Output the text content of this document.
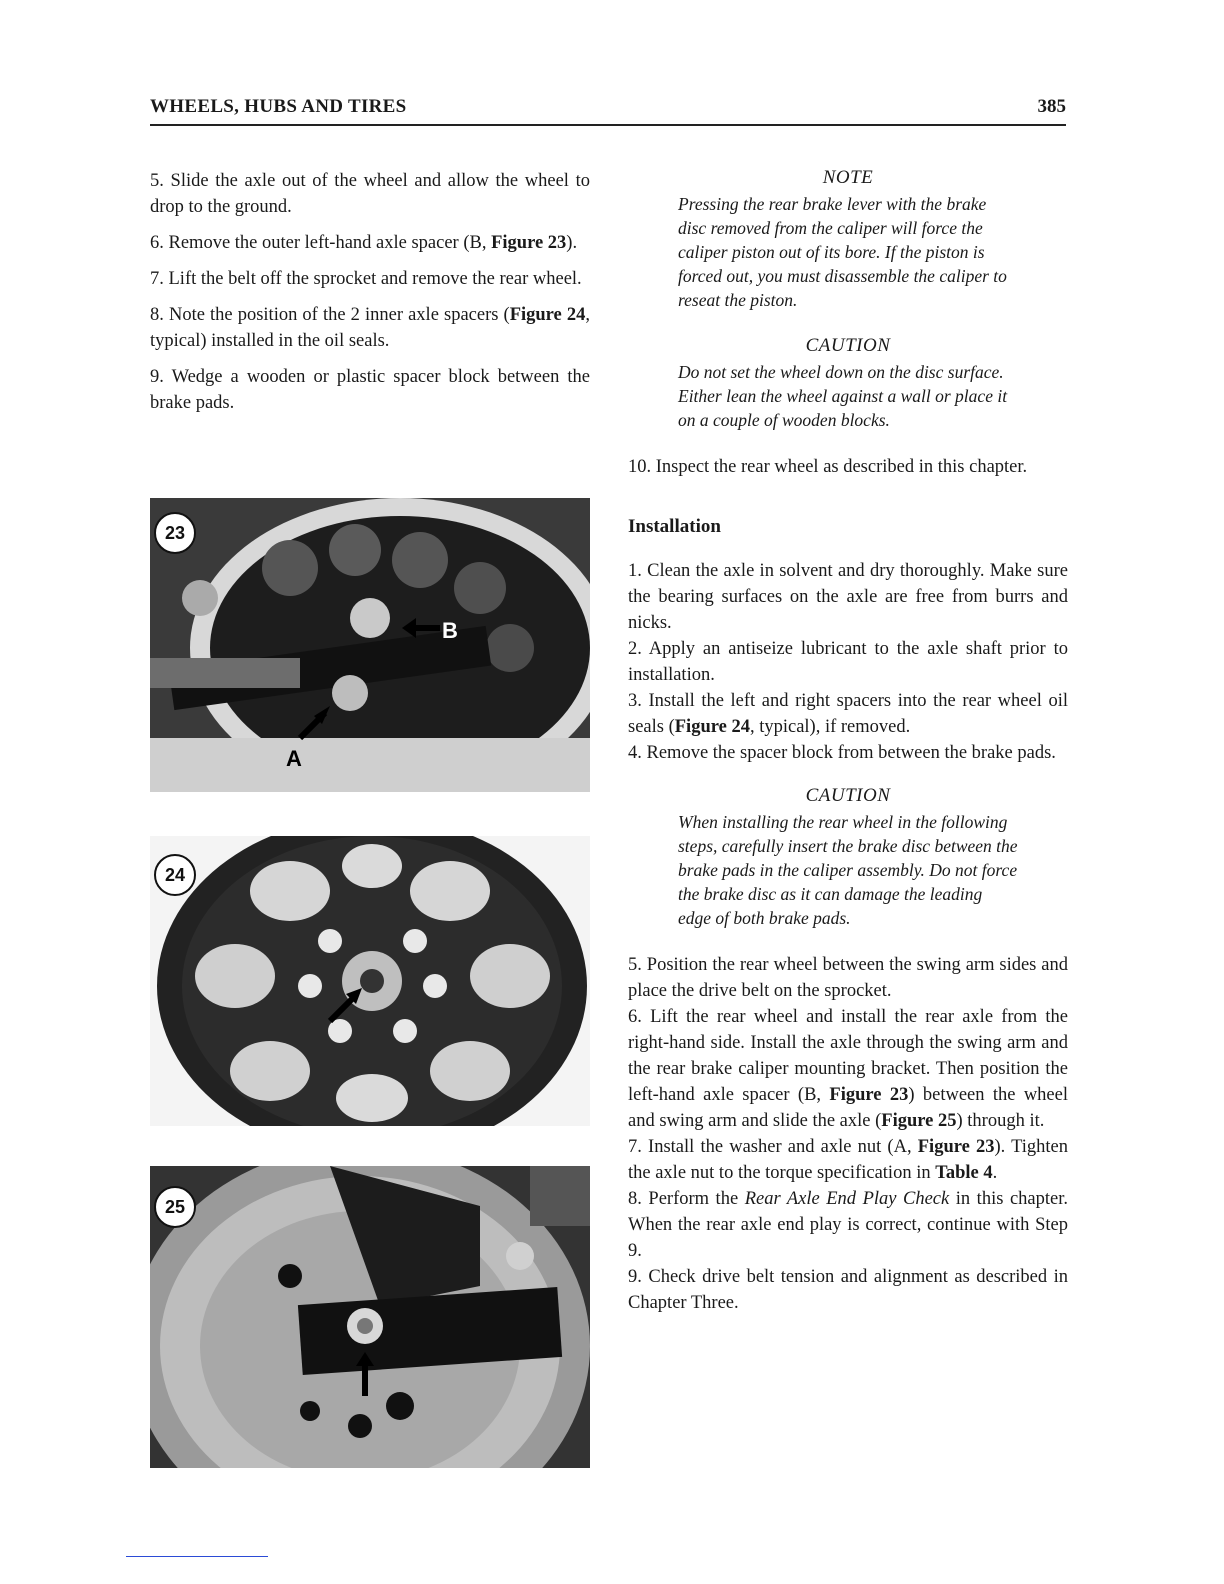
WHEELS, HUBS AND TIRES	385

5. Slide the axle out of the wheel and allow the wheel to drop to the ground.

6. Remove the outer left-hand axle spacer (B, Figure 23).

7. Lift the belt off the sprocket and remove the rear wheel.

8. Note the position of the 2 inner axle spacers (Figure 24, typical) installed in the oil seals.

9. Wedge a wooden or plastic spacer block between the brake pads.

A
B
23
24
25
NOTE
Pressing the rear brake lever with the brake disc removed from the caliper will force the caliper piston out of its bore. If the piston is forced out, you must disassemble the caliper to reseat the piston.
CAUTION
Do not set the wheel down on the disc surface. Either lean the wheel against a wall or place it on a couple of wooden blocks.

10. Inspect the rear wheel as described in this chapter.

Installation

1. Clean the axle in solvent and dry thoroughly. Make sure the bearing surfaces on the axle are free from burrs and nicks.

2. Apply an antiseize lubricant to the axle shaft prior to installation.

3. Install the left and right spacers into the rear wheel oil seals (Figure 24, typical), if removed.

4. Remove the spacer block from between the brake pads.

CAUTION
When installing the rear wheel in the following steps, carefully insert the brake disc between the brake pads in the caliper assembly. Do not force the brake disc as it can damage the leading edge of both brake pads.

5. Position the rear wheel between the swing arm sides and place the drive belt on the sprocket.

6. Lift the rear wheel and install the rear axle from the right-hand side. Install the axle through the swing arm and the rear brake caliper mounting bracket. Then position the left-hand axle spacer (B, Figure 23) between the wheel and swing arm and slide the axle (Figure 25) through it.

7. Install the washer and axle nut (A, Figure 23). Tighten the axle nut to the torque specification in Table 4.

8. Perform the Rear Axle End Play Check in this chapter. When the rear axle end play is correct, continue with Step 9.

9. Check drive belt tension and alignment as described in Chapter Three.
